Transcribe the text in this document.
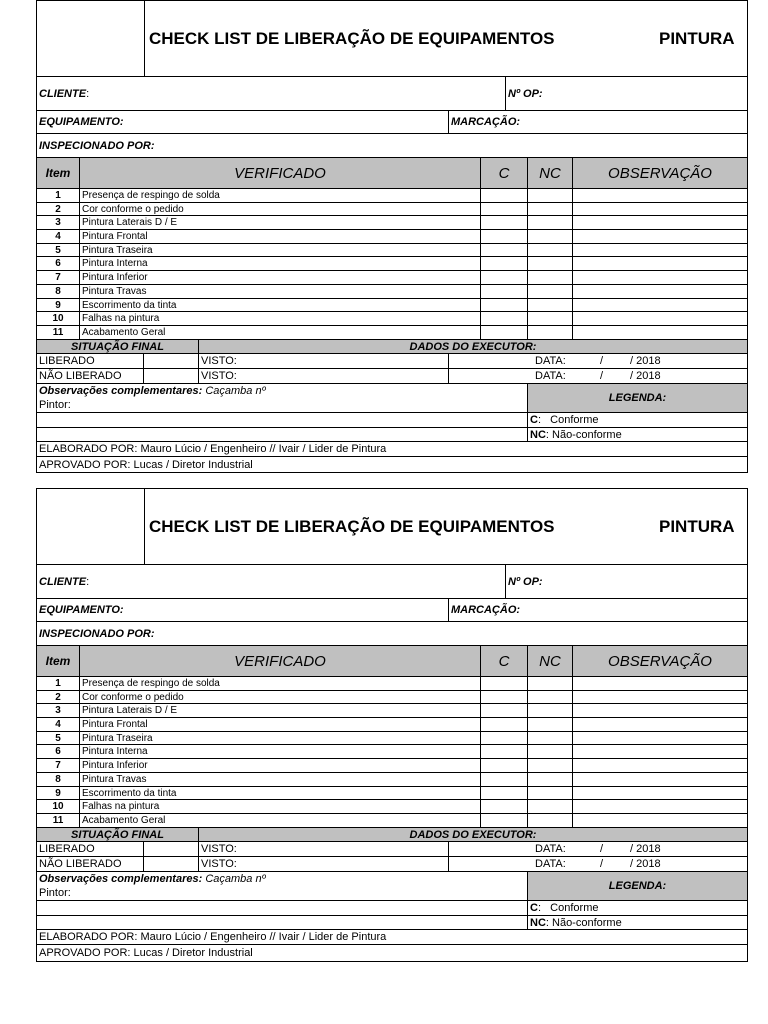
CHECK LIST DE LIBERAÇÃO DE EQUIPAMENTOS	PINTURA
CLIENTE :	Nº OP:
EQUIPAMENTO:	MARCAÇÃO:
INSPECIONADO POR:
Item	VERIFICADO	C	NC	OBSERVAÇÃO
1	Presença de respingo de solda
2	Cor conforme o pedido
3	Pintura Laterais D / E
4	Pintura Frontal
5	Pintura Traseira
6	Pintura Interna
7	Pintura Inferior
8	Pintura Travas
9	Escorrimento da tinta
10	Falhas na pintura
11	Acabamento Geral
SITUAÇÃO FINAL	DADOS DO EXECUTOR:
LIBERADO	VISTO:	DATA:	/ / 2018
NÃO LIBERADO	VISTO:	DATA:	/ / 2018
Observações complementares: Caçamba nº
Pintor:
LEGENDA:
C :   Conforme
NC : Não-conforme
ELABORADO POR: Mauro Lúcio / Engenheiro // Ivair / Lider de Pintura
APROVADO POR: Lucas / Diretor Industrial
CHECK LIST DE LIBERAÇÃO DE EQUIPAMENTOS	PINTURA
CLIENTE :	Nº OP:
EQUIPAMENTO:	MARCAÇÃO:
INSPECIONADO POR:
Item	VERIFICADO	C	NC	OBSERVAÇÃO
1	Presença de respingo de solda
2	Cor conforme o pedido
3	Pintura Laterais D / E
4	Pintura Frontal
5	Pintura Traseira
6	Pintura Interna
7	Pintura Inferior
8	Pintura Travas
9	Escorrimento da tinta
10	Falhas na pintura
11	Acabamento Geral
SITUAÇÃO FINAL	DADOS DO EXECUTOR:
LIBERADO	VISTO:	DATA:	/ / 2018
NÃO LIBERADO	VISTO:	DATA:	/ / 2018
Observações complementares: Caçamba nº
Pintor:
LEGENDA:
C :   Conforme
NC : Não-conforme
ELABORADO POR: Mauro Lúcio / Engenheiro // Ivair / Lider de Pintura
APROVADO POR: Lucas / Diretor Industrial
